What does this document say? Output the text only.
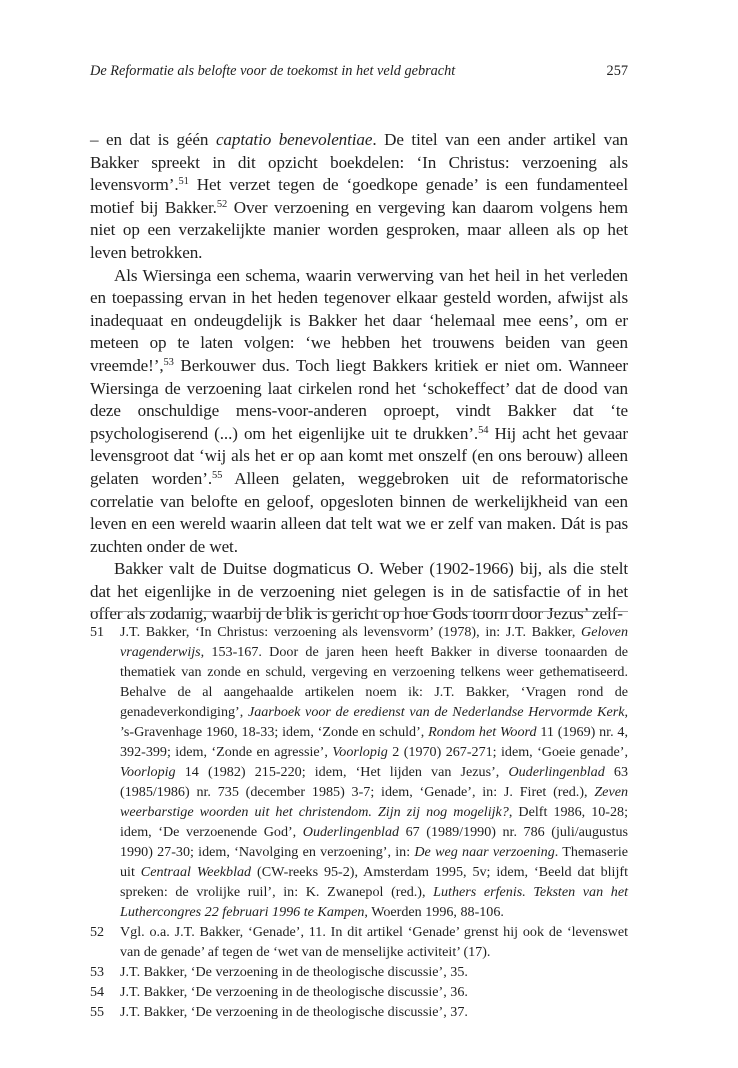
De Reformatie als belofte voor de toekomst in het veld gebracht	257

– en dat is géén captatio benevolentiae. De titel van een ander artikel van Bakker spreekt in dit opzicht boekdelen: ‘In Christus: verzoening als levensvorm’.$^{51}$ Het verzet tegen de ‘goedkope genade’ is een fundamenteel motief bij Bakker.$^{52}$ Over verzoening en vergeving kan daarom volgens hem niet op een verzakelijkte manier worden gesproken, maar alleen als op het leven betrokken.

Als Wiersinga een schema, waarin verwerving van het heil in het verleden en toepassing ervan in het heden tegenover elkaar gesteld worden, afwijst als inadequaat en ondeugdelijk is Bakker het daar ‘helemaal mee eens’, om er meteen op te laten volgen: ‘we hebben het trouwens beiden van geen vreemde!’,$^{53}$ Berkouwer dus. Toch liegt Bakkers kritiek er niet om. Wanneer Wiersinga de verzoening laat cirkelen rond het ‘schokeffect’ dat de dood van deze onschuldige mens-voor-anderen oproept, vindt Bakker dat ‘te psychologiserend (...) om het eigenlijke uit te drukken’.$^{54}$ Hij acht het gevaar levensgroot dat ‘wij als het er op aan komt met onszelf (en ons berouw) alleen gelaten worden’.$^{55}$ Alleen gelaten, weggebroken uit de reformatorische correlatie van belofte en geloof, opgesloten binnen de werkelijkheid van een leven en een wereld waarin alleen dat telt wat we er zelf van maken. Dát is pas zuchten onder de wet.

Bakker valt de Duitse dogmaticus O. Weber (1902-1966) bij, als die stelt dat het eigenlijke in de verzoening niet gelegen is in de satisfactie of in het offer als zodanig, waarbij de blik is gericht op hoe Gods toorn door Jezus’ zelf-

51 J.T. Bakker, ‘In Christus: verzoening als levensvorm’ (1978), in: J.T. Bakker, Geloven vragenderwijs, 153-167. Door de jaren heen heeft Bakker in diverse toonaarden de thematiek van zonde en schuld, vergeving en verzoening telkens weer gethematiseerd. Behalve de al aangehaalde artikelen noem ik: J.T. Bakker, ‘Vragen rond de genadeverkondiging’, Jaarboek voor de eredienst van de Nederlandse Hervormde Kerk, ’s-Gravenhage 1960, 18-33; idem, ‘Zonde en schuld’, Rondom het Woord 11 (1969) nr. 4, 392-399; idem, ‘Zonde en agressie’, Voorlopig 2 (1970) 267-271; idem, ‘Goeie genade’, Voorlopig 14 (1982) 215-220; idem, ‘Het lijden van Jezus’, Ouderlingenblad 63 (1985/1986) nr. 735 (december 1985) 3-7; idem, ‘Genade’, in: J. Firet (red.), Zeven weerbarstige woorden uit het christendom. Zijn zij nog mogelijk?, Delft 1986, 10-28; idem, ‘De verzoenende God’, Ouderlingenblad 67 (1989/1990) nr. 786 (juli/augustus 1990) 27-30; idem, ‘Navolging en verzoening’, in: De weg naar verzoening. Themaserie uit Centraal Weekblad (CW-reeks 95-2), Amsterdam 1995, 5v; idem, ‘Beeld dat blijft spreken: de vrolijke ruil’, in: K. Zwanepol (red.), Luthers erfenis. Teksten van het Luthercongres 22 februari 1996 te Kampen, Woerden 1996, 88-106.
52 Vgl. o.a. J.T. Bakker, ‘Genade’, 11. In dit artikel ‘Genade’ grenst hij ook de ‘levenswet van de genade’ af tegen de ‘wet van de menselijke activiteit’ (17).
53 J.T. Bakker, ‘De verzoening in de theologische discussie’, 35.
54 J.T. Bakker, ‘De verzoening in de theologische discussie’, 36.
55 J.T. Bakker, ‘De verzoening in de theologische discussie’, 37.
